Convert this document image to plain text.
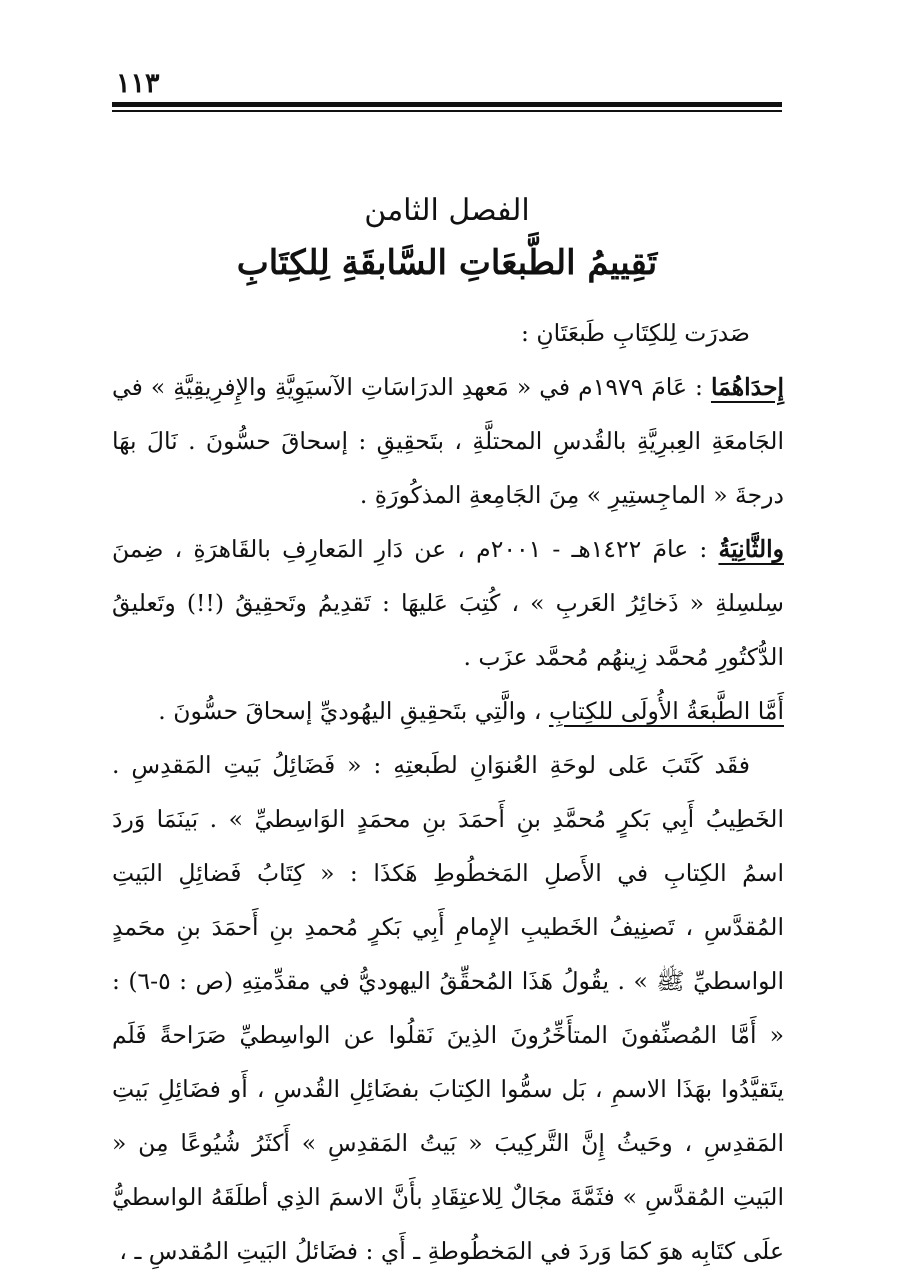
١١٣
الفصل الثامن
تَقِييمُ الطَّبعَاتِ السَّابقَةِ لِلكِتَابِ

صَدرَت لِلكِتَابِ طَبعَتَانِ :

إِحدَاهُمَا : عَامَ ١٩٧٩م في « مَعهدِ الدرَاسَاتِ الآسيَوِيَّةِ والإِفرِيقِيَّةِ » في الجَامعَةِ العِبرِيَّةِ بالقُدسِ المحتلَّةِ ، بتَحقِيقِ : إسحاقَ حسُّونَ . نَالَ بهَا درجةَ « الماجِستِيرِ » مِنَ الجَامِعةِ المذكُورَةِ .

والثَّانِيَةُ : عامَ ١٤٢٢هـ - ٢٠٠١م ، عن دَارِ المَعارِفِ بالقَاهرَةِ ، ضِمنَ سِلسِلةِ « ذَخائِرُ العَربِ » ، كُتِبَ عَليهَا : تَقدِيمُ وتَحقِيقُ (!!) وتَعليقُ الدُّكتُورِ مُحمَّد زِينهُم مُحمَّد عزَب .

أَمَّا الطَّبعَةُ الأُولَى للكِتابِ ، والَّتِي بتَحقِيقِ اليهُوديِّ إسحاقَ حسُّونَ .

فقَد كَتَبَ عَلى لوحَةِ العُنوَانِ لطَبعتِهِ : « فَضَائِلُ بَيتِ المَقدِسِ . الخَطِيبُ أَبِي بَكرٍ مُحمَّدِ بنِ أَحمَدَ بنِ محمَدٍ الوَاسِطيِّ » . بَينَمَا وَردَ اسمُ الكِتابِ في الأَصلِ المَخطُوطِ هَكذَا : « كِتَابُ فَضائِلِ البَيتِ المُقدَّسِ ، تَصنِيفُ الخَطيبِ الإِمامِ أَبِي بَكرٍ مُحمدِ بنِ أَحمَدَ بنِ محَمدٍ الواسطيِّ ﷺ » . يقُولُ هَذَا المُحقِّقُ اليهوديُّ في مقدِّمتِهِ (ص : ٥-٦) : « أَمَّا المُصنِّفونَ المتأَخِّرُونَ الذِينَ نَقلُوا عن الواسِطيِّ صَرَاحةً فَلَم يتَقيَّدُوا بهَذَا الاسمِ ، بَل سمُّوا الكِتابَ بفضَائِلِ القُدسِ ، أَو فضَائِلِ بَيتِ المَقدِسِ ، وحَيثُ إِنَّ التَّركِيبَ « بَيتُ المَقدِسِ » أَكثَرُ شُيُوعًا مِن « البَيتِ المُقدَّسِ » فثَمَّةَ مجَالٌ لِلاعتِقَادِ بأَنَّ الاسمَ الذِي أطلَقَهُ الواسطيُّ علَى كتَابِه هوَ كمَا وَردَ في المَخطُوطةِ ـ أَي : فضَائلُ البَيتِ المُقدسِ ـ ،
